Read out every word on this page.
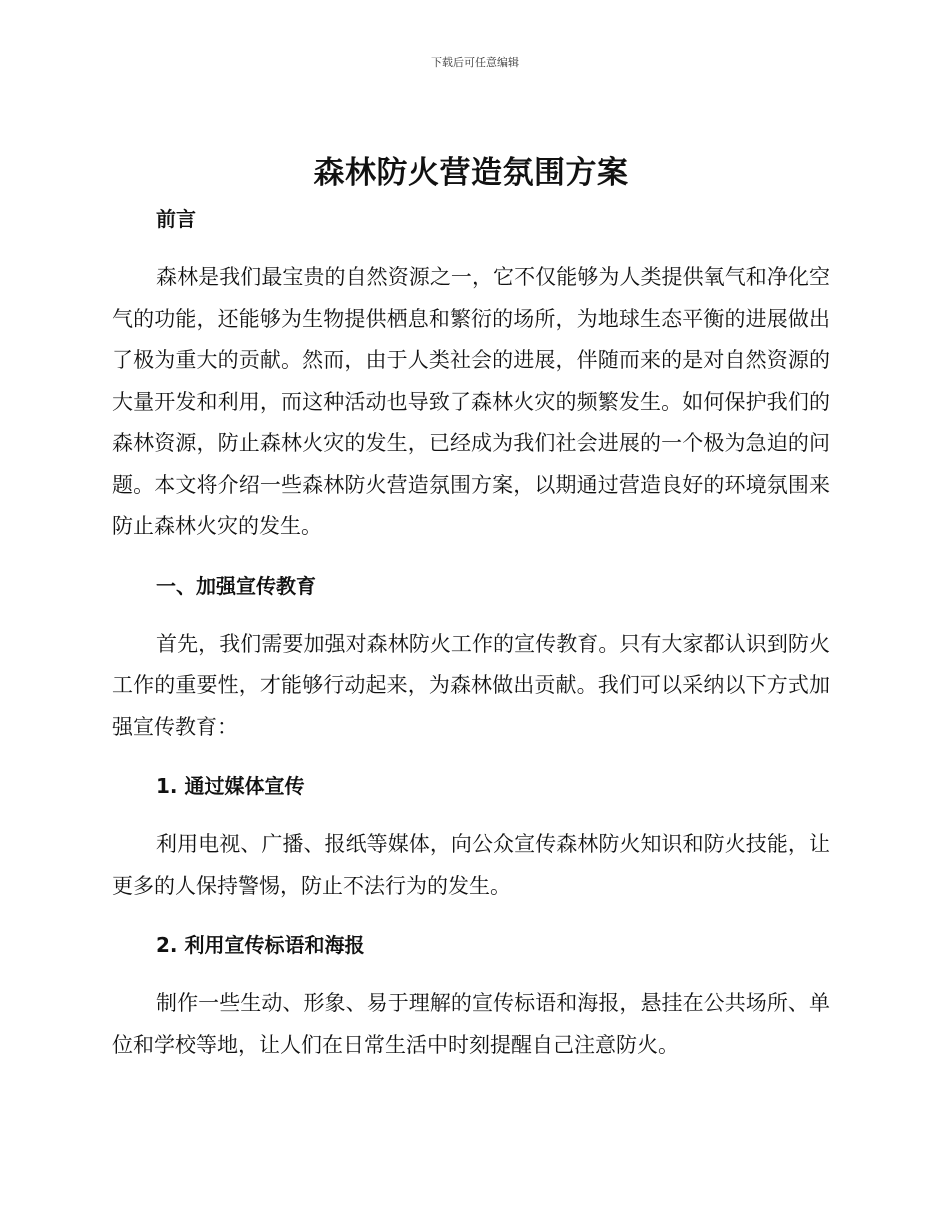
下载后可任意编辑
森林防火营造氛围方案
前言

森林是我们最宝贵的自然资源之一，它不仅能够为人类提供氧气和净化空气的功能，还能够为生物提供栖息和繁衍的场所，为地球生态平衡的进展做出了极为重大的贡献。然而，由于人类社会的进展，伴随而来的是对自然资源的大量开发和利用，而这种活动也导致了森林火灾的频繁发生。如何保护我们的森林资源，防止森林火灾的发生，已经成为我们社会进展的一个极为急迫的问题。本文将介绍一些森林防火营造氛围方案，以期通过营造良好的环境氛围来防止森林火灾的发生。

一、加强宣传教育

首先，我们需要加强对森林防火工作的宣传教育。只有大家都认识到防火工作的重要性，才能够行动起来，为森林做出贡献。我们可以采纳以下方式加强宣传教育：

1. 通过媒体宣传

利用电视、广播、报纸等媒体，向公众宣传森林防火知识和防火技能，让更多的人保持警惕，防止不法行为的发生。

2. 利用宣传标语和海报

制作一些生动、形象、易于理解的宣传标语和海报，悬挂在公共场所、单位和学校等地，让人们在日常生活中时刻提醒自己注意防火。
